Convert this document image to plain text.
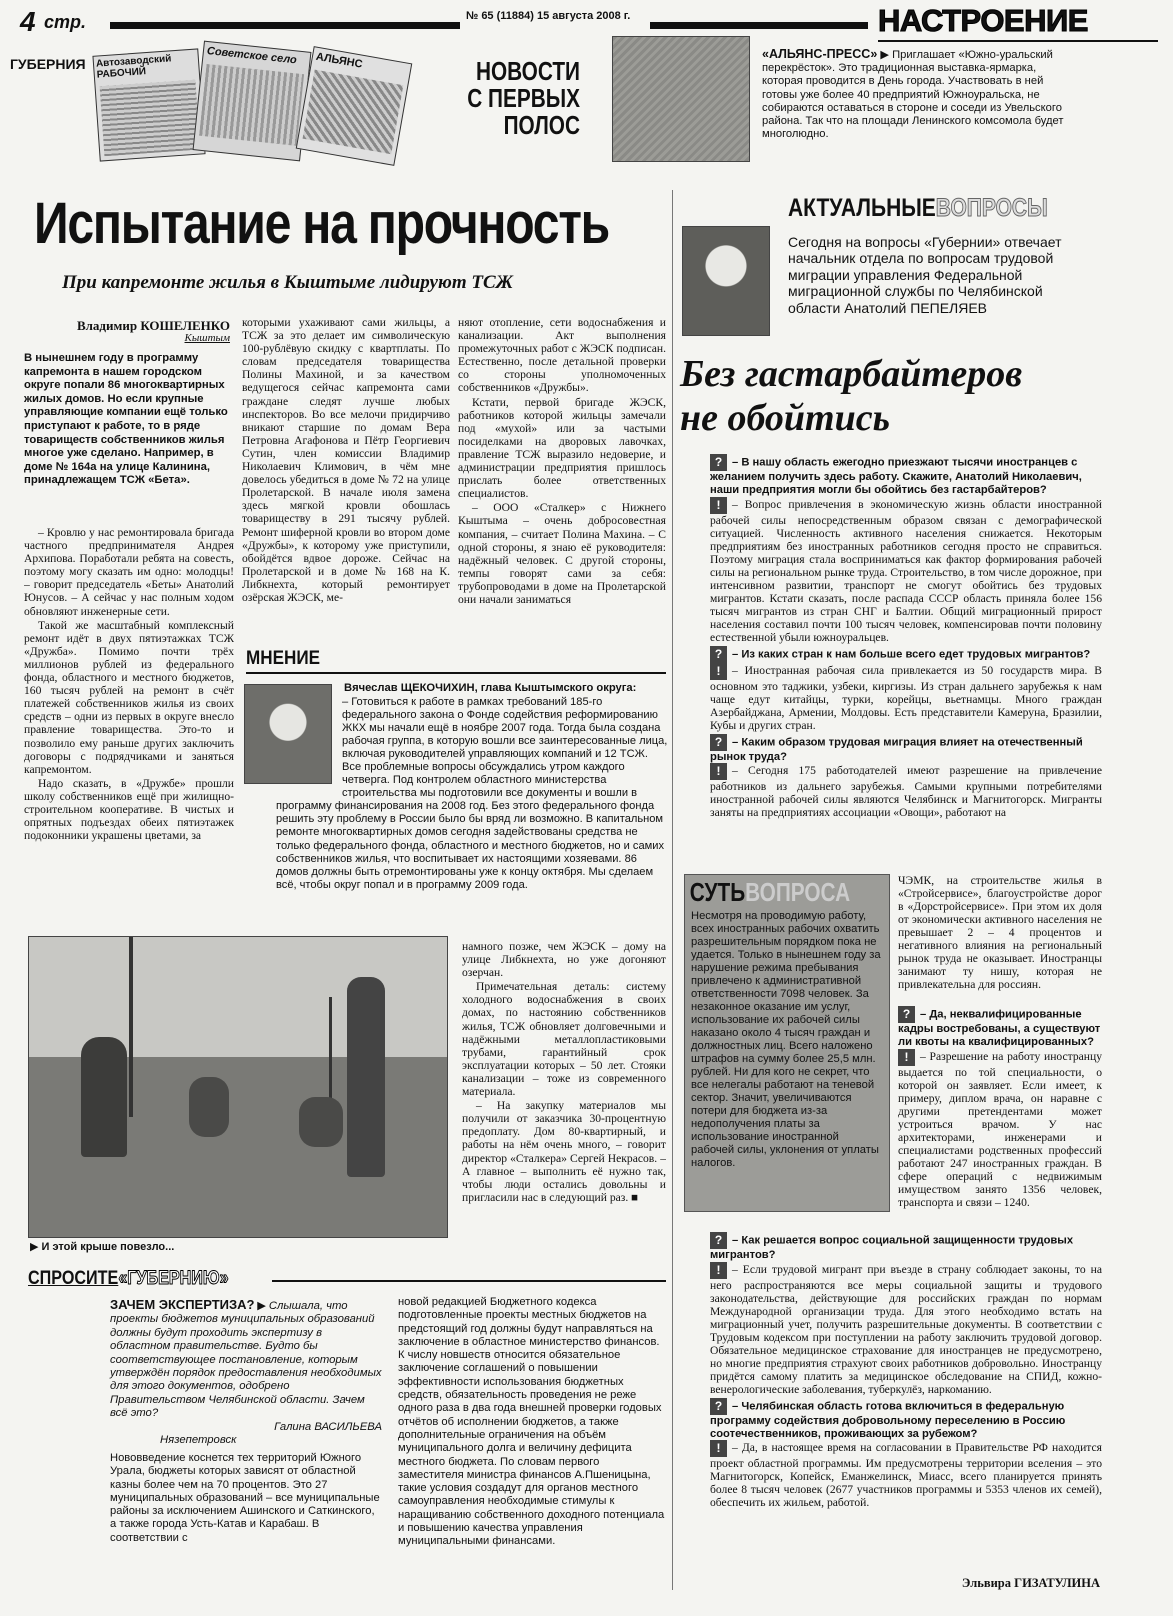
4 стр.	№ 65 (11884) 15 августа 2008 г.	НАСТРОЕНИЕ
ГУБЕРНИЯ Автозаводский РАБОЧИЙ
Советское село	АЛЬЯНС	НОВОСТИ
С ПЕРВЫХ
ПОЛОС
«АЛЬЯНС-ПРЕСС» ▶ Приглашает «Южно-уральский перекрёсток». Это традиционная выставка-ярмарка, которая проводится в День города. Участвовать в ней готовы уже более 40 предприятий Южноуральска, не собираются оставаться в стороне и соседи из Увельского района. Так что на площади Ленинского комсомола будет многолюдно.
Испытание на прочность
При капремонте жилья в Кыштыме лидируют ТСЖ
Владимир КОШЕЛЕНКО
Кыштым
В нынешнем году в программу капремонта в нашем городском округе попали 86 многоквартирных жилых домов. Но если крупные управляющие компании ещё только приступают к работе, то в ряде товариществ собственников жилья многое уже сделано. Например, в доме № 164а на улице Калинина, принадлежащем ТСЖ «Бета».

– Кровлю у нас ремонтировала бригада частного предпринимателя Андрея Архипова. Поработали ребята на совесть, поэтому могу сказать им одно: молодцы! – говорит председатель «Беты» Анатолий Юнусов. – А сейчас у нас полным ходом обновляют инженерные сети.

Такой же масштабный комплексный ремонт идёт в двух пятиэтажках ТСЖ «Дружба». Помимо почти трёх миллионов рублей из федерального фонда, областного и местного бюджетов, 160 тысяч рублей на ремонт в счёт платежей собственников жилья из своих средств – одни из первых в округе внесло правление товарищества. Это-то и позволило ему раньше других заключить договоры с подрядчиками и заняться капремонтом.

Надо сказать, в «Дружбе» прошли школу собственников ещё при жилищно-строительном кооперативе. В чистых и опрятных подъездах обеих пятиэтажек подоконники украшены цветами, за

которыми ухаживают сами жильцы, а ТСЖ за это делает им символическую 100-рублёвую скидку с квартплаты. По словам председателя товарищества Полины Махиной, и за качеством ведущегося сейчас капремонта сами граждане следят лучше любых инспекторов. Во все мелочи придирчиво вникают старшие по домам Вера Петровна Агафонова и Пётр Георгиевич Сутин, член комиссии Владимир Николаевич Климович, в чём мне довелось убедиться в доме № 72 на улице Пролетарской. В начале июля замена здесь мягкой кровли обошлась товариществу в 291 тысячу рублей. Ремонт шиферной кровли во втором доме «Дружбы», к которому уже приступили, обойдётся вдвое дороже. Сейчас на Пролетарской и в доме № 168 на К. Либкнехта, который ремонтирует озёрская ЖЭСК, ме-

няют отопление, сети водоснабжения и канализации. Акт выполнения промежуточных работ с ЖЭСК подписан. Естественно, после детальной проверки со стороны уполномоченных собственников «Дружбы».

Кстати, первой бригаде ЖЭСК, работников которой жильцы замечали под «мухой» или за частыми посиделками на дворовых лавочках, правление ТСЖ выразило недоверие, и администрации предприятия пришлось прислать более ответственных специалистов.

– ООО «Сталкер» с Нижнего Кыштыма – очень добросовестная компания, – считает Полина Махина. – С одной стороны, я знаю её руководителя: надёжный человек. С другой стороны, темпы говорят сами за себя: трубопроводами в доме на Пролетарской они начали заниматься

МНЕНИЕ
Вячеслав ЩЕКОЧИХИН, глава Кыштымского округа:
– Готовиться к работе в рамках требований 185-го федерального закона о Фонде содействия реформированию ЖКХ мы начали ещё в ноябре 2007 года. Тогда была создана рабочая группа, в которую вошли все заинтересованные лица, включая руководителей управляющих компаний и 12 ТСЖ. Все проблемные вопросы обсуждались утром каждого четверга. Под контролем областного министерства строительства мы подготовили все документы и вошли в программу финансирования на 2008 год. Без этого федерального фонда решить эту проблему в России было бы вряд ли возможно. В капитальном ремонте многоквартирных домов сегодня задействованы средства не только федерального фонда, областного и местного бюджетов, но и самих собственников жилья, что воспитывает их настоящими хозяевами. 86 домов должны быть отремонтированы уже к концу октября. Мы сделаем всё, чтобы округ попал и в программу 2009 года.
▶ И этой крыше повезло...

намного позже, чем ЖЭСК – дому на улице Либкнехта, но уже догоняют озерчан.

Примечательная деталь: систему холодного водоснабжения в своих домах, по настоянию собственников жилья, ТСЖ обновляет долговечными и надёжными металлопластиковыми трубами, гарантийный срок эксплуатации которых – 50 лет. Стояки канализации – тоже из современного материала.

– На закупку материалов мы получили от заказчика 30-процентную предоплату. Дом 80-квартирный, и работы на нём очень много, – говорит директор «Сталкера» Сергей Некрасов. – А главное – выполнить её нужно так, чтобы люди остались довольны и пригласили нас в следующий раз. ■

СПРОСИТЕ«ГУБЕРНИЮ»
ЗАЧЕМ ЭКСПЕРТИЗА? ▶ Слышала, что проекты бюджетов муниципальных образований должны будут проходить экспертизу в областном правительстве. Будто бы соответствующее постановление, которым утверждён порядок предоставления необходимых для этого документов, одобрено Правительством Челябинской области. Зачем всё это?
Галина ВАСИЛЬЕВА
Нязепетровск
Нововведение коснется тех территорий Южного Урала, бюджеты которых зависят от областной казны более чем на 70 процентов. Это 27 муниципальных образований – все муниципальные районы за исключением Ашинского и Саткинского, а также города Усть-Катав и Карабаш. В соответствии с
новой редакцией Бюджетного кодекса подготовленные проекты местных бюджетов на предстоящий год должны будут направляться на заключение в областное министерство финансов. К числу новшеств относится обязательное заключение соглашений о повышении эффективности использования бюджетных средств, обязательность проведения не реже одного раза в два года внешней проверки годовых отчётов об исполнении бюджетов, а также дополнительные ограничения на объём муниципального долга и величину дефицита местного бюджета. По словам первого заместителя министра финансов А.Пшеницына, такие условия создадут для органов местного самоуправления необходимые стимулы к наращиванию собственного доходного потенциала и повышению качества управления муниципальными финансами.
АКТУАЛЬНЫЕВОПРОСЫ
Сегодня на вопросы «Губернии» отвечает начальник отдела по вопросам трудовой миграции управления Федеральной миграционной службы по Челябинской области Анатолий ПЕПЕЛЯЕВ
Без гастарбайтеров
не обойтись
? – В нашу область ежегодно приезжают тысячи иностранцев с желанием получить здесь работу. Скажите, Анатолий Николаевич, наши предприятия могли бы обойтись без гастарбайтеров?
! – Вопрос привлечения в экономическую жизнь области иностранной рабочей силы непосредственным образом связан с демографической ситуацией. Численность активного населения снижается. Некоторым предприятиям без иностранных работников сегодня просто не справиться. Поэтому миграция стала восприниматься как фактор формирования рабочей силы на региональном рынке труда. Строительство, в том числе дорожное, при интенсивном развитии, транспорт не смогут обойтись без трудовых мигрантов. Кстати сказать, после распада СССР область приняла более 156 тысяч мигрантов из стран СНГ и Балтии. Общий миграционный прирост населения составил почти 100 тысяч человек, компенсировав почти половину естественной убыли южноуральцев.
? – Из каких стран к нам больше всего едет трудовых мигрантов?
! – Иностранная рабочая сила привлекается из 50 государств мира. В основном это таджики, узбеки, киргизы. Из стран дальнего зарубежья к нам чаще едут китайцы, турки, корейцы, вьетнамцы. Много граждан Азербайджана, Армении, Молдовы. Есть представители Камеруна, Бразилии, Кубы и других стран.
? – Каким образом трудовая миграция влияет на отечественный рынок труда?
! – Сегодня 175 работодателей имеют разрешение на привлечение работников из дальнего зарубежья. Самыми крупными потребителями иностранной рабочей силы являются Челябинск и Магнитогорск. Мигранты заняты на предприятиях ассоциации «Овощи», работают на
СУТЬВОПРОСА
Несмотря на проводимую работу, всех иностранных рабочих охватить разрешительным порядком пока не удается. Только в нынешнем году за нарушение режима пребывания привлечено к административной ответственности 7098 человек. За незаконное оказание им услуг, использование их рабочей силы наказано около 4 тысяч граждан и должностных лиц. Всего наложено штрафов на сумму более 25,5 млн. рублей. Ни для кого не секрет, что все нелегалы работают на теневой сектор. Значит, увеличиваются потери для бюджета из-за недополучения платы за использование иностранной рабочей силы, уклонения от уплаты налогов.
ЧЭМК, на строительстве жилья в «Стройсервисе», благоустройстве дорог в «Дорстройсервисе». При этом их доля от экономически активного населения не превышает 2 – 4 процентов и негативного влияния на региональный рынок труда не оказывает. Иностранцы занимают ту нишу, которая не привлекательна для россиян.
? – Да, неквалифицированные кадры востребованы, а существуют ли квоты на квалифицированных?
! – Разрешение на работу иностранцу выдается по той специальности, о которой он заявляет. Если имеет, к примеру, диплом врача, он наравне с другими претендентами может устроиться врачом. У нас архитекторами, инженерами и специалистами родственных профессий работают 247 иностранных граждан. В сфере операций с недвижимым имуществом занято 1356 человек, транспорта и связи – 1240.
? – Как решается вопрос социальной защищенности трудовых мигрантов?
! – Если трудовой мигрант при въезде в страну соблюдает законы, то на него распространяются все меры социальной защиты и трудового законодательства, действующие для российских граждан по нормам Международной организации труда. Для этого необходимо встать на миграционный учет, получить разрешительные документы. В соответствии с Трудовым кодексом при поступлении на работу заключить трудовой договор. Обязательное медицинское страхование для иностранцев не предусмотрено, но многие предприятия страхуют своих работников добровольно. Иностранцу придётся самому платить за медицинское обследование на СПИД, кожно-венерологические заболевания, туберкулёз, наркоманию.
? – Челябинская область готова включиться в федеральную программу содействия добровольному переселению в Россию соотечественников, проживающих за рубежом?
! – Да, в настоящее время на согласовании в Правительстве РФ находится проект областной программы. Им предусмотрены территории вселения – это Магнитогорск, Копейск, Еманжелинск, Миасс, всего планируется принять более 8 тысяч человек (2677 участников программы и 5353 членов их семей), обеспечить их жильем, работой.
Эльвира ГИЗАТУЛИНА
